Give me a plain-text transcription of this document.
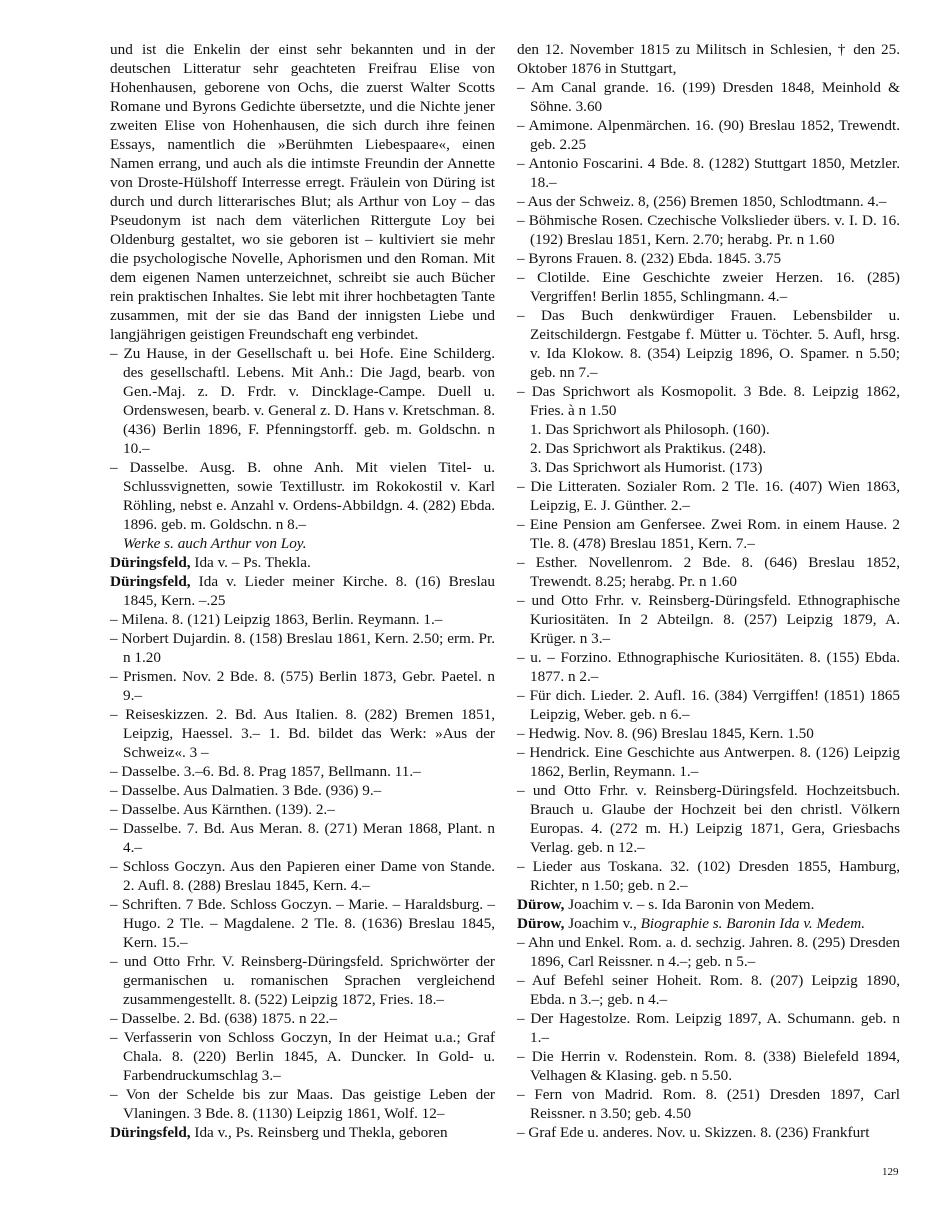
und ist die Enkelin der einst sehr bekannten und in der deutschen Litteratur sehr geachteten Freifrau Elise von Hohenhausen, geborene von Ochs, die zuerst Walter Scotts Romane und Byrons Gedichte übersetzte, und die Nichte jener zweiten Elise von Hohenhausen, die sich durch ihre feinen Essays, namentlich die »Berühmten Liebespaare«, einen Namen errang, und auch als die intimste Freundin der Annette von Droste-Hülshoff Interresse erregt. Fräulein von Düring ist durch und durch litterarisches Blut; als Arthur von Loy – das Pseudonym ist nach dem väterlichen Rittergute Loy bei Oldenburg gestaltet, wo sie geboren ist – kultiviert sie mehr die psychologische Novelle, Aphorismen und den Roman. Mit dem eigenen Namen unterzeichnet, schreibt sie auch Bücher rein praktischen Inhaltes. Sie lebt mit ihrer hochbetagten Tante zusammen, mit der sie das Band der innigsten Liebe und langjährigen geistigen Freundschaft eng verbindet.

– Zu Hause, in der Gesellschaft u. bei Hofe. Eine Schilderg. des gesellschaftl. Lebens. Mit Anh.: Die Jagd, bearb. von Gen.-Maj. z. D. Frdr. v. Dincklage-Campe. Duell u. Ordenswesen, bearb. v. General z. D. Hans v. Kretschman. 8. (436) Berlin 1896, F. Pfenningstorff. geb. m. Goldschn. n 10.–

– Dasselbe. Ausg. B. ohne Anh. Mit vielen Titel- u. Schlussvignetten, sowie Textillustr. im Rokokostil v. Karl Röhling, nebst e. Anzahl v. Ordens-Abbildgn. 4. (282) Ebda. 1896. geb. m. Goldschn. n 8.–

Werke s. auch Arthur von Loy.

Düringsfeld, Ida v. – Ps. Thekla.

Düringsfeld, Ida v. Lieder meiner Kirche. 8. (16) Breslau 1845, Kern. –.25

– Milena. 8. (121) Leipzig 1863, Berlin. Reymann. 1.–

– Norbert Dujardin. 8. (158) Breslau 1861, Kern. 2.50; erm. Pr. n 1.20

– Prismen. Nov. 2 Bde. 8. (575) Berlin 1873, Gebr. Paetel. n 9.–

– Reiseskizzen. 2. Bd. Aus Italien. 8. (282) Bremen 1851, Leipzig, Haessel. 3.– 1. Bd. bildet das Werk: »Aus der Schweiz«. 3 –

– Dasselbe. 3.–6. Bd. 8. Prag 1857, Bellmann. 11.–

– Dasselbe. Aus Dalmatien. 3 Bde. (936) 9.–

– Dasselbe. Aus Kärnthen. (139). 2.–

– Dasselbe. 7. Bd. Aus Meran. 8. (271) Meran 1868, Plant. n 4.–

– Schloss Goczyn. Aus den Papieren einer Dame von Stande. 2. Aufl. 8. (288) Breslau 1845, Kern. 4.–

– Schriften. 7 Bde. Schloss Goczyn. – Marie. – Haraldsburg. – Hugo. 2 Tle. – Magdalene. 2 Tle. 8. (1636) Breslau 1845, Kern. 15.–

– und Otto Frhr. V. Reinsberg-Düringsfeld. Sprichwörter der germanischen u. romanischen Sprachen vergleichend zusammengestellt. 8. (522) Leipzig 1872, Fries. 18.–

– Dasselbe. 2. Bd. (638) 1875. n 22.–

– Verfasserin von Schloss Goczyn, In der Heimat u.a.; Graf Chala. 8. (220) Berlin 1845, A. Duncker. In Gold- u. Farbendruckumschlag 3.–

– Von der Schelde bis zur Maas. Das geistige Leben der Vlaningen. 3 Bde. 8. (1130) Leipzig 1861, Wolf. 12–

Düringsfeld, Ida v., Ps. Reinsberg und Thekla, geboren

den 12. November 1815 zu Militsch in Schlesien, † den 25. Oktober 1876 in Stuttgart,

– Am Canal grande. 16. (199) Dresden 1848, Meinhold & Söhne. 3.60

– Amimone. Alpenmärchen. 16. (90) Breslau 1852, Trewendt. geb. 2.25

– Antonio Foscarini. 4 Bde. 8. (1282) Stuttgart 1850, Metzler. 18.–

– Aus der Schweiz. 8, (256) Bremen 1850, Schlodtmann. 4.–

– Böhmische Rosen. Czechische Volkslieder übers. v. I. D. 16. (192) Breslau 1851, Kern. 2.70; herabg. Pr. n 1.60

– Byrons Frauen. 8. (232) Ebda. 1845. 3.75

– Clotilde. Eine Geschichte zweier Herzen. 16. (285) Vergriffen! Berlin 1855, Schlingmann. 4.–

– Das Buch denkwürdiger Frauen. Lebensbilder u. Zeitschildergn. Festgabe f. Mütter u. Töchter. 5. Aufl, hrsg. v. Ida Klokow. 8. (354) Leipzig 1896, O. Spamer. n 5.50; geb. nn 7.–

– Das Sprichwort als Kosmopolit. 3 Bde. 8. Leipzig 1862, Fries. à n 1.50

1. Das Sprichwort als Philosoph. (160).

2. Das Sprichwort als Praktikus. (248).

3. Das Sprichwort als Humorist. (173)

– Die Litteraten. Sozialer Rom. 2 Tle. 16. (407) Wien 1863, Leipzig, E. J. Günther. 2.–

– Eine Pension am Genfersee. Zwei Rom. in einem Hause. 2 Tle. 8. (478) Breslau 1851, Kern. 7.–

– Esther. Novellenrom. 2 Bde. 8. (646) Breslau 1852, Trewendt. 8.25; herabg. Pr. n 1.60

– und Otto Frhr. v. Reinsberg-Düringsfeld. Ethnographische Kuriositäten. In 2 Abteilgn. 8. (257) Leipzig 1879, A. Krüger. n 3.–

– u. – Forzino. Ethnographische Kuriositäten. 8. (155) Ebda. 1877. n 2.–

– Für dich. Lieder. 2. Aufl. 16. (384) Verrgiffen! (1851) 1865 Leipzig, Weber. geb. n 6.–

– Hedwig. Nov. 8. (96) Breslau 1845, Kern. 1.50

– Hendrick. Eine Geschichte aus Antwerpen. 8. (126) Leipzig 1862, Berlin, Reymann. 1.–

– und Otto Frhr. v. Reinsberg-Düringsfeld. Hochzeitsbuch. Brauch u. Glaube der Hochzeit bei den christl. Völkern Europas. 4. (272 m. H.) Leipzig 1871, Gera, Griesbachs Verlag. geb. n 12.–

– Lieder aus Toskana. 32. (102) Dresden 1855, Hamburg, Richter, n 1.50; geb. n 2.–

Dürow, Joachim v. – s. Ida Baronin von Medem.

Dürow, Joachim v., Biographie s. Baronin Ida v. Medem.

– Ahn und Enkel. Rom. a. d. sechzig. Jahren. 8. (295) Dresden 1896, Carl Reissner. n 4.–; geb. n 5.–

– Auf Befehl seiner Hoheit. Rom. 8. (207) Leipzig 1890, Ebda. n 3.–; geb. n 4.–

– Der Hagestolze. Rom. Leipzig 1897, A. Schumann. geb. n 1.–

– Die Herrin v. Rodenstein. Rom. 8. (338) Bielefeld 1894, Velhagen & Klasing. geb. n 5.50.

– Fern von Madrid. Rom. 8. (251) Dresden 1897, Carl Reissner. n 3.50; geb. 4.50

– Graf Ede u. anderes. Nov. u. Skizzen. 8. (236) Frankfurt

129
